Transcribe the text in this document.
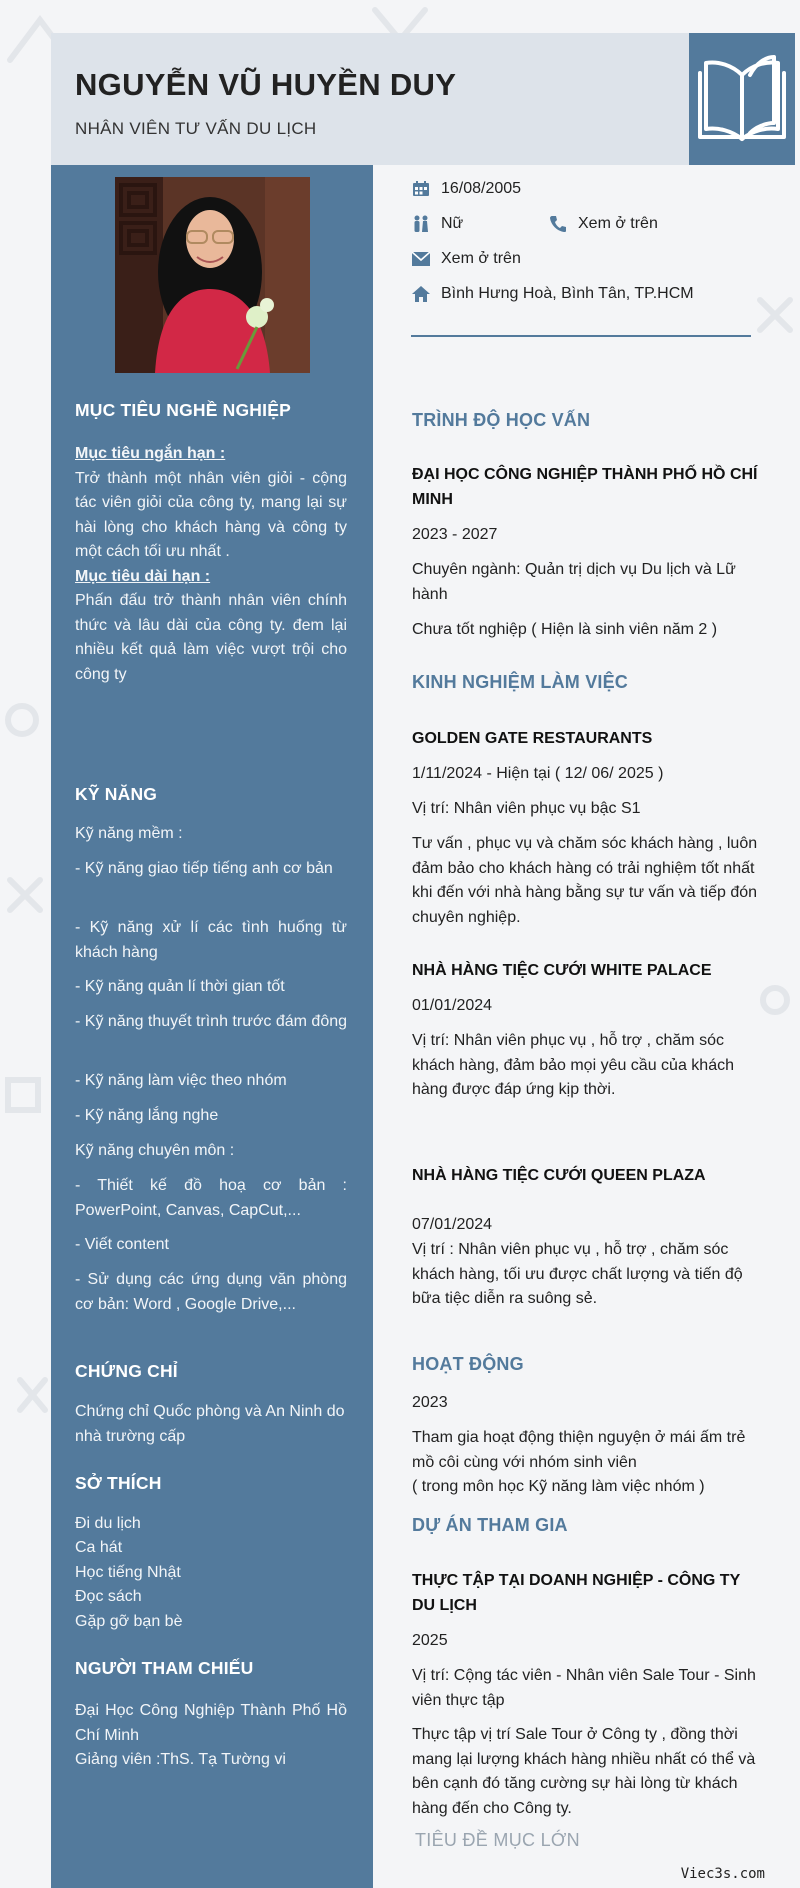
NGUYỄN VŨ HUYỀN DUY
NHÂN VIÊN TƯ VẤN DU LỊCH
MỤC TIÊU NGHỀ NGHIỆP
Mục tiêu ngắn hạn :
Trở thành một nhân viên giỏi - cộng tác viên giỏi của công ty, mang lại sự hài lòng cho khách hàng và công ty một cách tối ưu nhất .
Mục tiêu dài hạn :
Phấn đấu trở thành nhân viên chính thức và lâu dài của công ty. đem lại nhiều kết quả làm việc vượt trội cho công ty
KỸ NĂNG
Kỹ năng mềm :
- Kỹ năng giao tiếp tiếng anh cơ bản
- Kỹ năng xử lí các tình huống từ khách hàng
- Kỹ năng quản lí thời gian tốt
- Kỹ năng thuyết trình trước đám đông
- Kỹ năng làm việc theo nhóm
- Kỹ năng lắng nghe
Kỹ năng chuyên môn :
- Thiết kế đồ hoạ cơ bản : PowerPoint, Canvas, CapCut,...
- Viết content
- Sử dụng các ứng dụng văn phòng cơ bản: Word , Google Drive,...
CHỨNG CHỈ
Chứng chỉ Quốc phòng và An Ninh do nhà trường cấp
SỞ THÍCH
Đi du lịch
Ca hát
Học tiếng Nhật
Đọc sách
Gặp gỡ bạn bè
NGƯỜI THAM CHIẾU
Đại Học Công Nghiệp Thành Phố Hồ Chí Minh
Giảng viên :ThS. Tạ Tường vi
16/08/2005
Nữ	Xem ở trên
Xem ở trên
Bình Hưng Hoà, Bình Tân, TP.HCM
TRÌNH ĐỘ HỌC VẤN
ĐẠI HỌC CÔNG NGHIỆP THÀNH PHỐ HỒ CHÍ MINH
2023 - 2027
Chuyên ngành: Quản trị dịch vụ Du lịch và Lữ hành
Chưa tốt nghiệp ( Hiện là sinh viên năm 2 )
KINH NGHIỆM LÀM VIỆC
GOLDEN GATE RESTAURANTS
1/11/2024 - Hiện tại ( 12/ 06/ 2025 )
Vị trí: Nhân viên phục vụ bậc S1
Tư vấn , phục vụ và chăm sóc khách hàng , luôn đảm bảo cho khách hàng có trải nghiệm tốt nhất khi đến với nhà hàng bằng sự tư vấn và tiếp đón chuyên nghiệp.
NHÀ HÀNG TIỆC CƯỚI WHITE PALACE
01/01/2024
Vị trí: Nhân viên phục vụ , hỗ trợ , chăm sóc khách hàng, đảm bảo mọi yêu cầu của khách hàng được đáp ứng kịp thời.
NHÀ HÀNG TIỆC CƯỚI QUEEN PLAZA
07/01/2024
Vị trí : Nhân viên phục vụ , hỗ trợ , chăm sóc khách hàng, tối ưu được chất lượng và tiến độ bữa tiệc diễn ra suông sẻ.
HOẠT ĐỘNG
2023
Tham gia hoạt động thiện nguyện ở mái ấm trẻ mồ côi cùng với nhóm sinh viên
( trong môn học Kỹ năng làm việc nhóm )
DỰ ÁN THAM GIA
THỰC TẬP TẠI DOANH NGHIỆP - CÔNG TY DU LỊCH
2025
Vị trí: Cộng tác viên - Nhân viên Sale Tour - Sinh viên thực tập
Thực tập vị trí Sale Tour ở Công ty , đồng thời mang lại lượng khách hàng nhiều nhất có thể và bên cạnh đó tăng cường sự hài lòng từ khách hàng đến cho Công ty.
TIÊU ĐỀ MỤC LỚN
Viec3s.com
